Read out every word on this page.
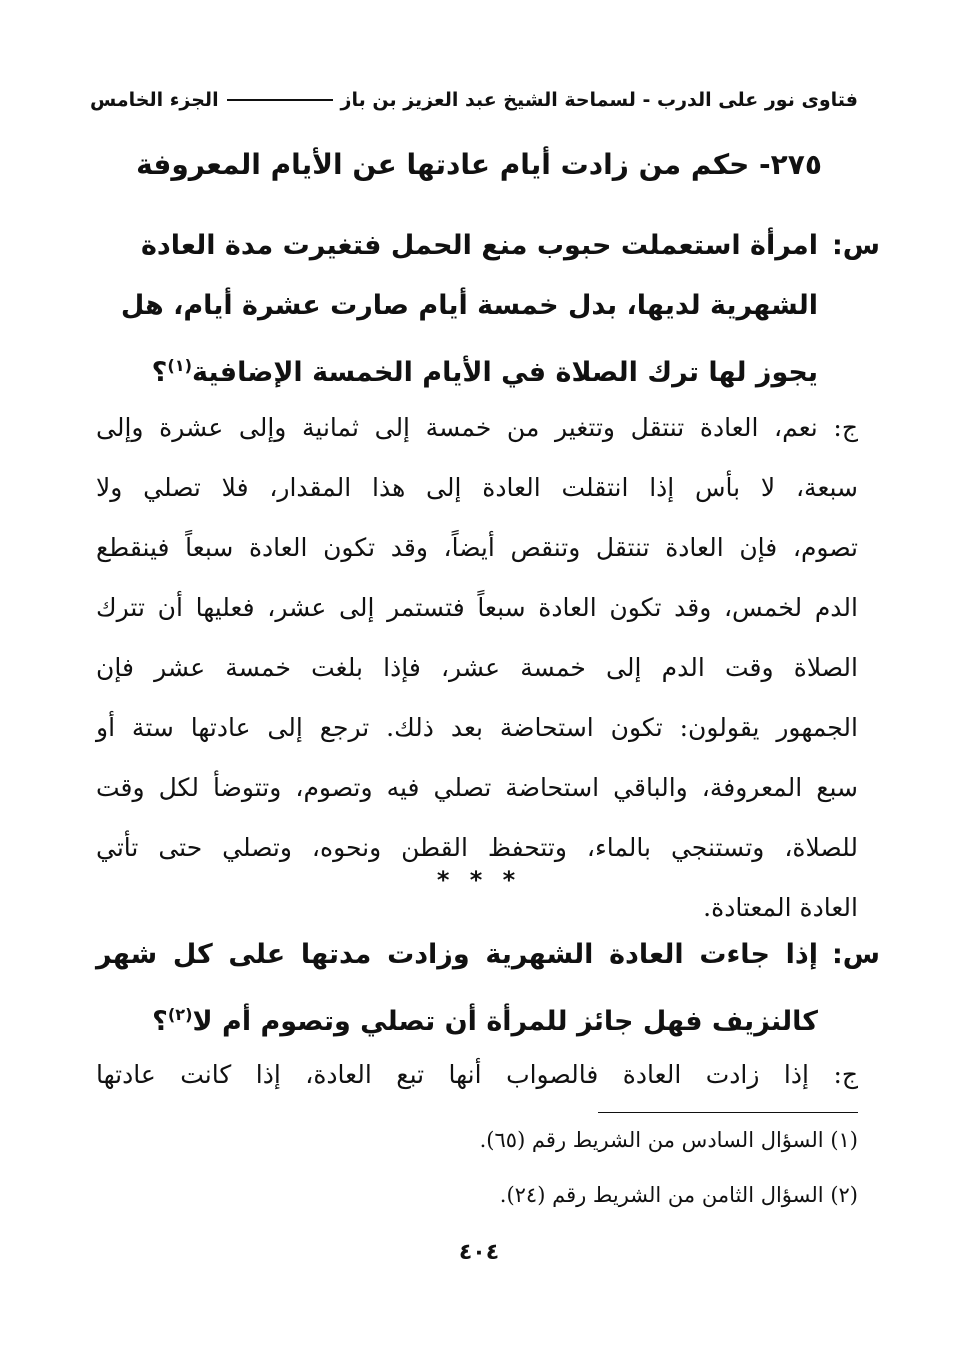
فتاوى نور على الدرب - لسماحة الشيخ عبد العزيز بن باز
الجزء الخامس
٢٧٥- حكم من زادت أيام عادتها عن الأيام المعروفة
س:
امرأة استعملت حبوب منع الحمل فتغيرت مدة العادة
الشهرية لديها، بدل خمسة أيام صارت عشرة أيام، هل
يجوز لها ترك الصلاة في الأيام الخمسة الإضافية$^{(١)}$؟
ج: نعم، العادة تنتقل وتتغير من خمسة إلى ثمانية وإلى عشرة وإلى
سبعة، لا بأس إذا انتقلت العادة إلى هذا المقدار، فلا تصلي ولا
تصوم، فإن العادة تنتقل وتنقص أيضاً، وقد تكون العادة سبعاً فينقطع
الدم لخمس، وقد تكون العادة سبعاً فتستمر إلى عشر، فعليها أن تترك
الصلاة وقت الدم إلى خمسة عشر، فإذا بلغت خمسة عشر فإن
الجمهور يقولون: تكون استحاضة بعد ذلك. ترجع إلى عادتها ستة أو
سبع المعروفة، والباقي استحاضة تصلي فيه وتصوم، وتتوضأ لكل وقت
للصلاة، وتستنجي بالماء، وتتحفظ القطن ونحوه، وتصلي حتى تأتي
العادة المعتادة.
* * *
س:
إذا جاءت العادة الشهرية وزادت مدتها على كل شهر
كالنزيف فهل جائز للمرأة أن تصلي وتصوم أم لا$^{(٢)}$؟
ج: إذا زادت العادة فالصواب أنها تبع العادة، إذا كانت عادتها
(١) السؤال السادس من الشريط رقم (٦٥).
(٢) السؤال الثامن من الشريط رقم (٢٤).
٤٠٤
